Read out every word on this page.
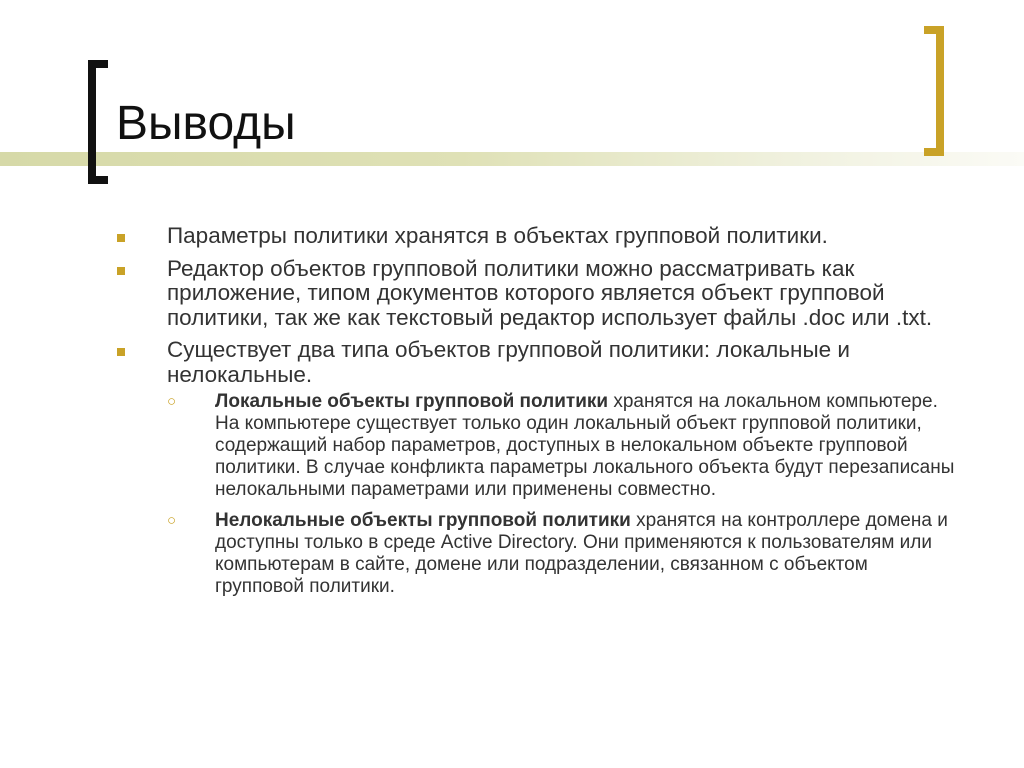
Выводы
Параметры политики хранятся в объектах групповой политики.
Редактор объектов групповой политики можно рассматривать как приложение, типом документов которого является объект групповой политики, так же как текстовый редактор использует файлы .doc или .txt.
Существует два типа объектов групповой политики: локальные и нелокальные.
○ Локальные объекты групповой политики хранятся на локальном компьютере. На компьютере существует только один локальный объект групповой политики, содержащий набор параметров, доступных в нелокальном объекте групповой политики. В случае конфликта параметры локального объекта будут перезаписаны нелокальными параметрами или применены совместно.
○ Нелокальные объекты групповой политики хранятся на контроллере домена и доступны только в среде Active Directory. Они применяются к пользователям или компьютерам в сайте, домене или подразделении, связанном с объектом групповой политики.
